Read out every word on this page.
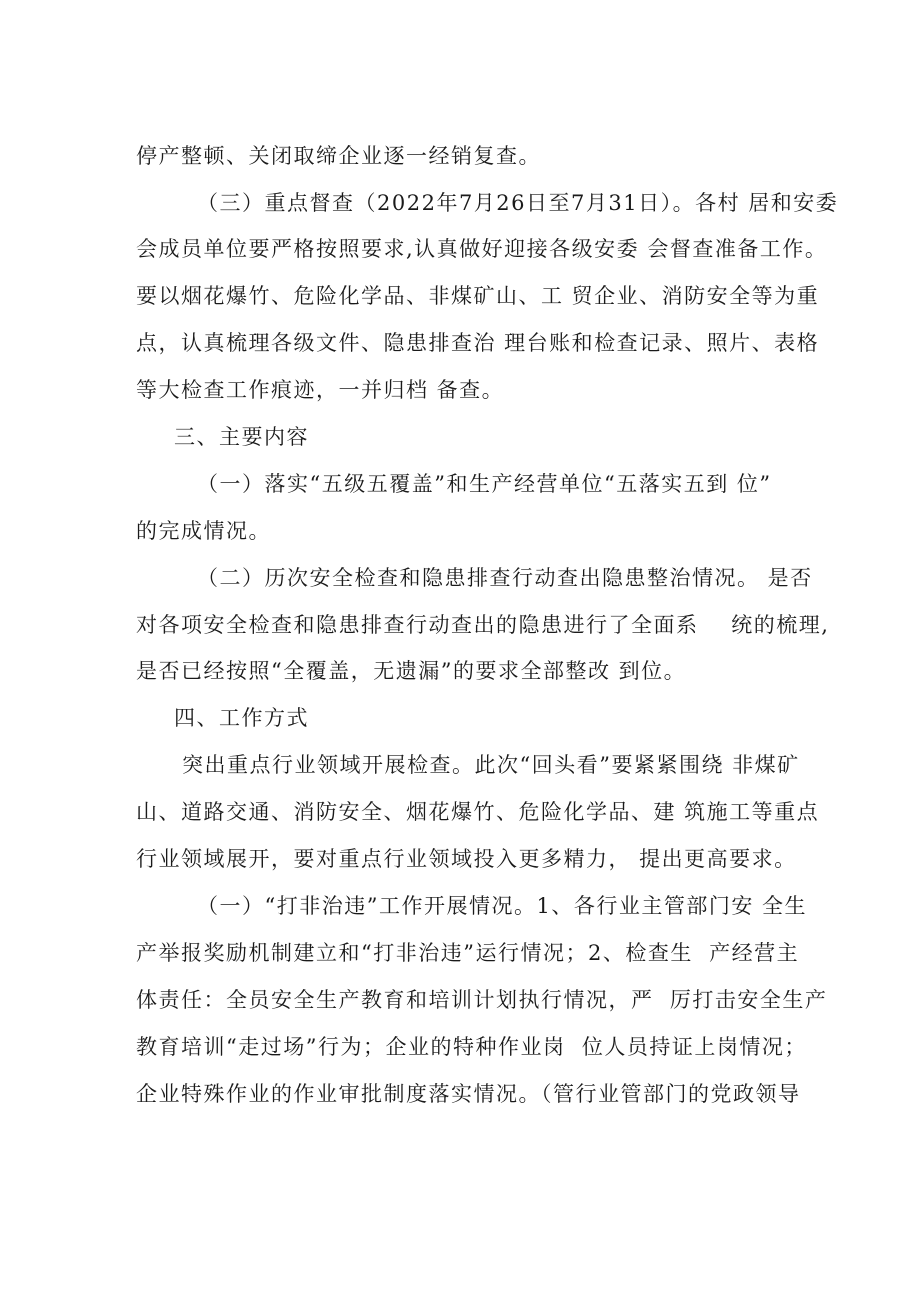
停产整顿、关闭取缔企业逐一经销复查。
（三）重点督查（2022年7月26日至7月31日）。各村 居和安委
会成员单位要严格按照要求,认真做好迎接各级安委 会督查准备工作。
要以烟花爆竹、危险化学品、非煤矿山、工 贸企业、消防安全等为重
点，认真梳理各级文件、隐患排查治 理台账和检查记录、照片、表格
等大检查工作痕迹，一并归档 备查。
三、主要内容
（一）落实“五级五覆盖”和生产经营单位“五落实五到 位”
的完成情况。
（二）历次安全检查和隐患排查行动查出隐患整治情况。 是否
对各项安全检查和隐患排查行动查出的隐患进行了全面系    统的梳理,
是否已经按照“全覆盖，无遗漏”的要求全部整改 到位。
四、工作方式
突出重点行业领域开展检查。此次“回头看”要紧紧围绕 非煤矿
山、道路交通、消防安全、烟花爆竹、危险化学品、建 筑施工等重点
行业领域展开，要对重点行业领域投入更多精力， 提出更高要求。
（一）“打非治违”工作开展情况。1、各行业主管部门安 全生
产举报奖励机制建立和“打非治违”运行情况；2、检查生  产经营主
体责任：全员安全生产教育和培训计划执行情况，严  厉打击安全生产
教育培训“走过场”行为；企业的特种作业岗  位人员持证上岗情况；
企业特殊作业的作业审批制度落实情况。（管行业管部门的党政领导
